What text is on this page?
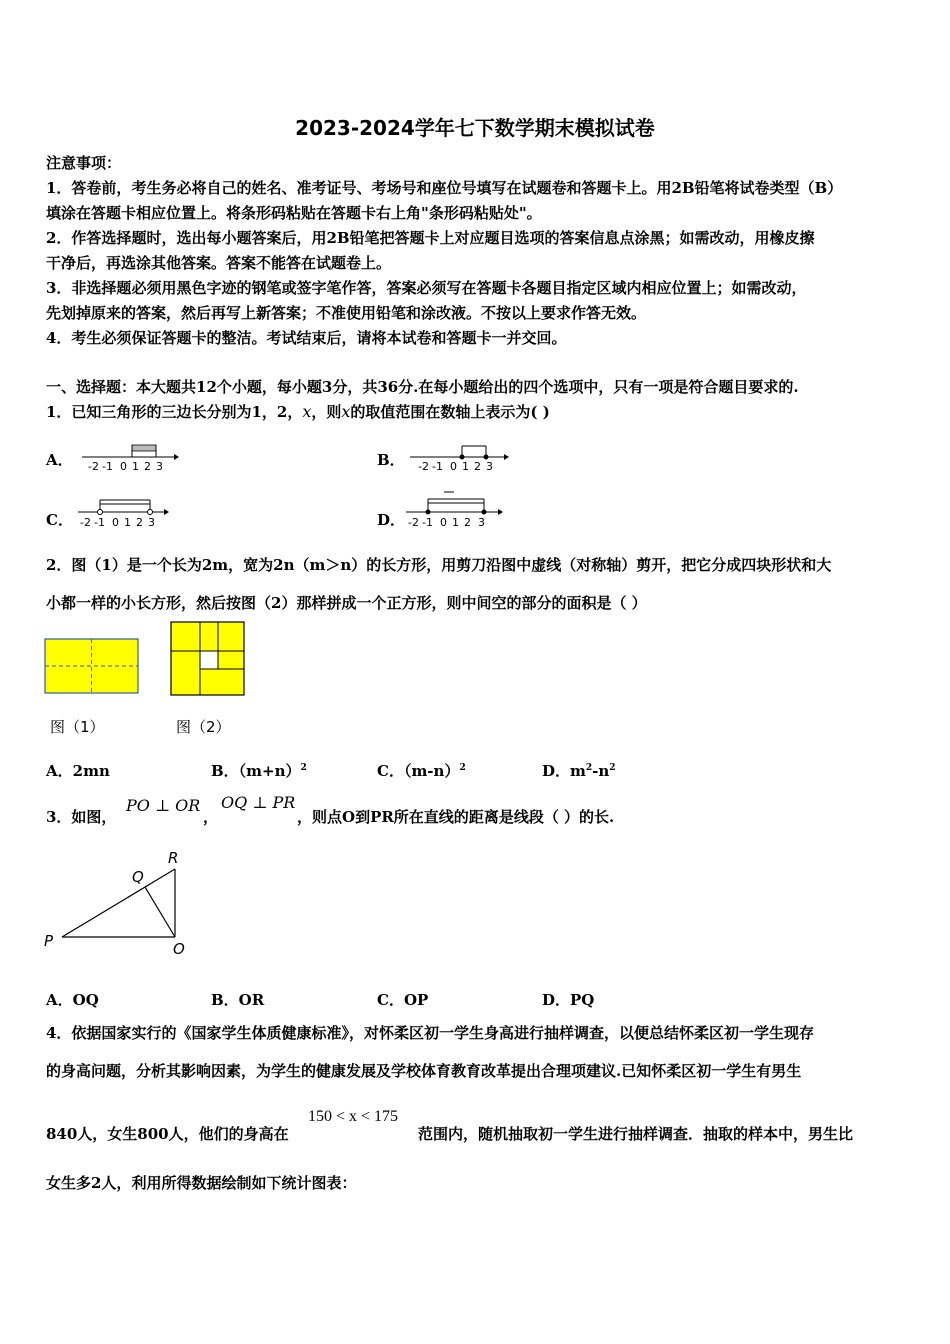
2023-2024学年七下数学期末模拟试卷
注意事项：
1．答卷前，考生务必将自己的姓名、准考证号、考场号和座位号填写在试题卷和答题卡上。用2B铅笔将试卷类型（B）
填涂在答题卡相应位置上。将条形码粘贴在答题卡右上角"条形码粘贴处"。
2．作答选择题时，选出每小题答案后，用2B铅笔把答题卡上对应题目选项的答案信息点涂黑；如需改动，用橡皮擦
干净后，再选涂其他答案。答案不能答在试题卷上。
3．非选择题必须用黑色字迹的钢笔或签字笔作答，答案必须写在答题卡各题目指定区域内相应位置上；如需改动，
先划掉原来的答案，然后再写上新答案；不准使用铅笔和涂改液。不按以上要求作答无效。
4．考生必须保证答题卡的整洁。考试结束后，请将本试卷和答题卡一并交回。
一、选择题：本大题共12个小题，每小题3分，共36分.在每小题给出的四个选项中，只有一项是符合题目要求的.
1．已知三角形的三边长分别为1，2，x，则x的取值范围在数轴上表示为( )
A． -2 -1 0 1 2 3	B． -2 -1 0 1 2 3
C． -2 -1 0 1 2 3	D． -2 -1 0 1 2 3
2．图（1）是一个长为2m，宽为2n（m＞n）的长方形，用剪刀沿图中虚线（对称轴）剪开，把它分成四块形状和大
小都一样的小长方形，然后按图（2）那样拼成一个正方形，则中间空的部分的面积是（ ）
图（1）	图（2）
A．2mn	B．$(m+n)^2$	C．$(m-n)^2$	D．$m^2-n^2$
3．如图，
PO ⊥ OR
，
OQ ⊥ PR
，则点O到PR所在直线的距离是线段（ ）的长.
P
Q
R
O
A．OQ	B．OR	C．OP	D．PQ
4．依据国家实行的《国家学生体质健康标准》，对怀柔区初一学生身高进行抽样调查，以便总结怀柔区初一学生现存
的身高问题，分析其影响因素，为学生的健康发展及学校体育教育改革提出合理项建议.已知怀柔区初一学生有男生
840人，女生800人，他们的身高在
150 < x < 175
范围内，随机抽取初一学生进行抽样调查．抽取的样本中，男生比
女生多2人，利用所得数据绘制如下统计图表：
